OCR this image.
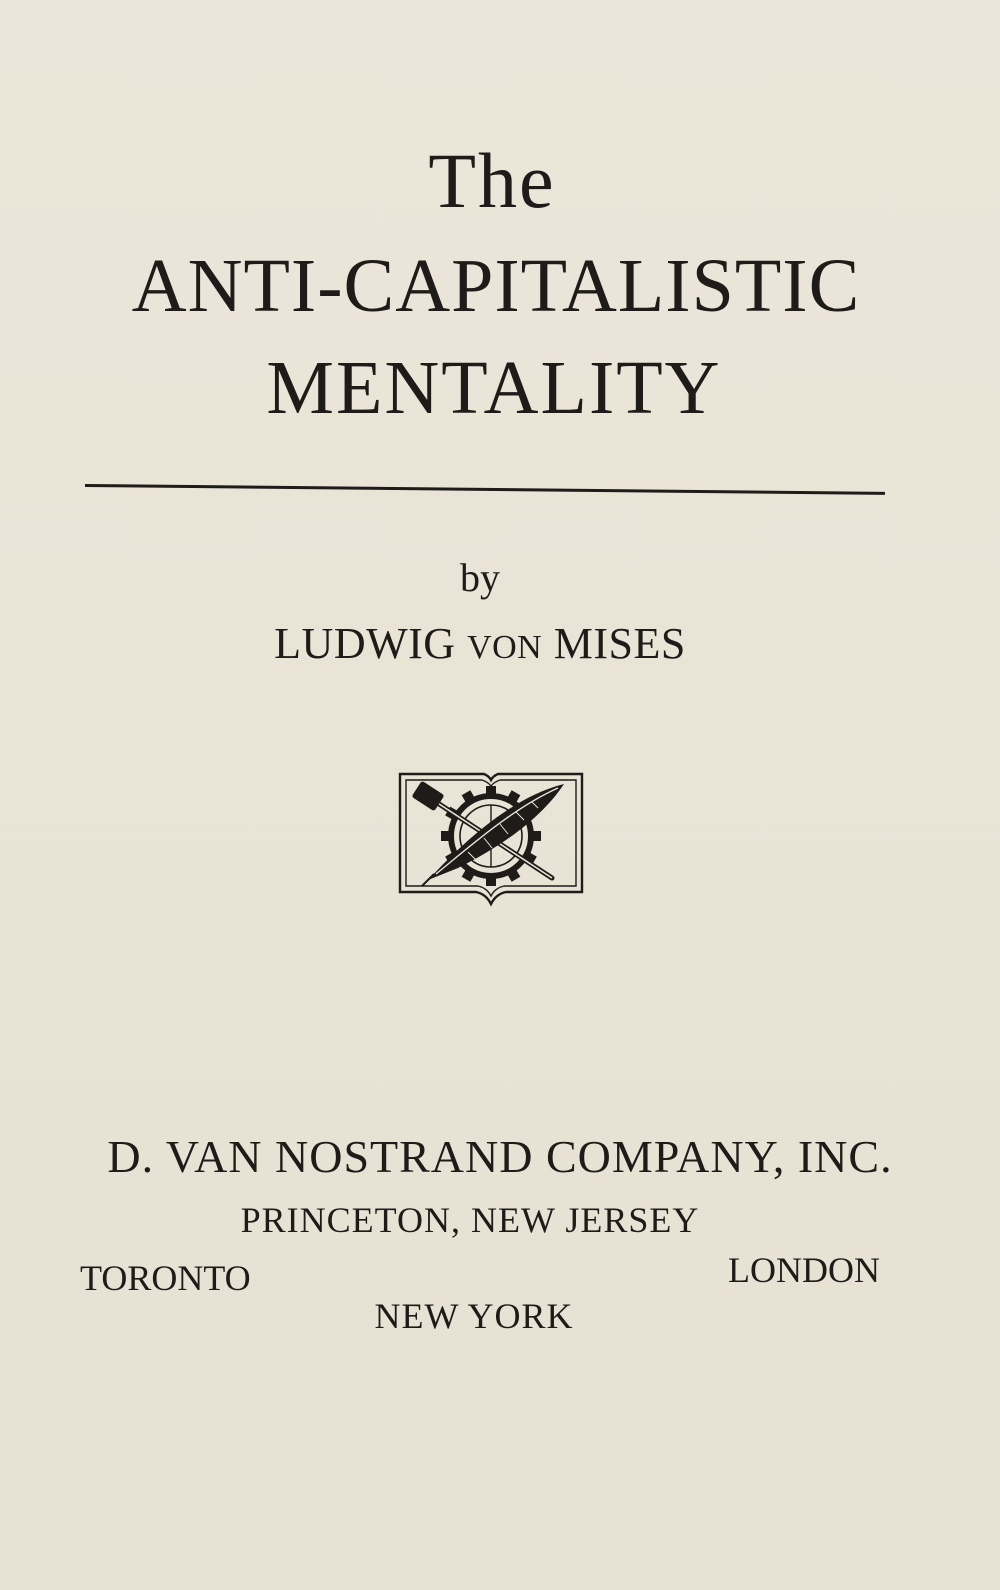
The
ANTI-CAPITALISTIC
MENTALITY
by
LUDWIG VON MISES
D. VAN NOSTRAND COMPANY, INC.
PRINCETON, NEW JERSEY
TORONTO	LONDON
NEW YORK
